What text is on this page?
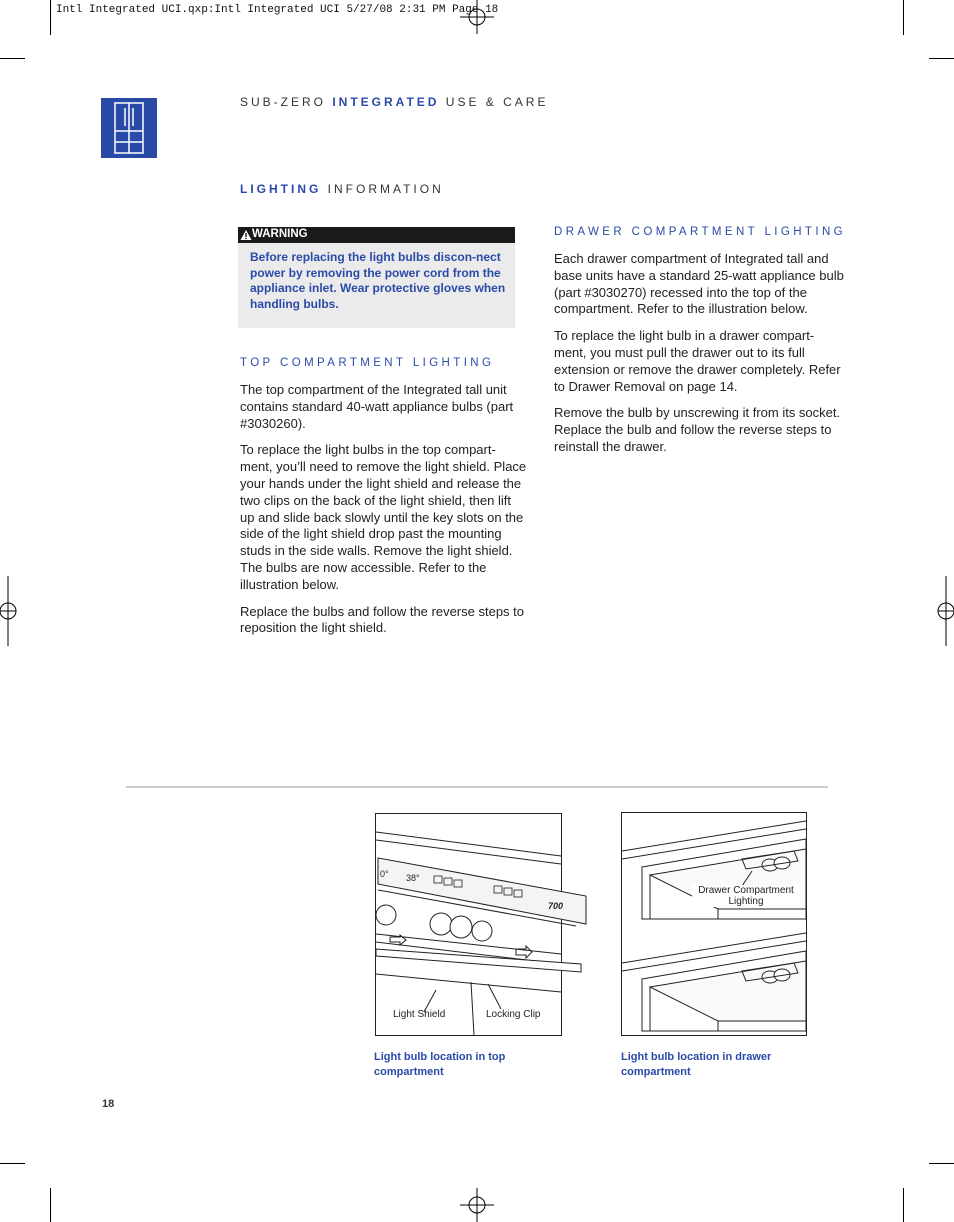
Intl Integrated UCI.qxp:Intl Integrated UCI 5/27/08 2:31 PM Page 18
SUB-ZERO INTEGRATED USE & CARE
LIGHTING INFORMATION
WARNING
Before replacing the light bulbs discon-nect power by removing the power cord from the appliance inlet. Wear protective gloves when handling bulbs.
TOP COMPARTMENT LIGHTING

The top compartment of the Integrated tall unit contains standard 40-watt appliance bulbs (part #3030260).

To replace the light bulbs in the top compart-ment, you’ll need to remove the light shield. Place your hands under the light shield and release the two clips on the back of the light shield, then lift up and slide back slowly until the key slots on the side of the light shield drop past the mounting studs in the side walls. Remove the light shield. The bulbs are now accessible. Refer to the illustration below.

Replace the bulbs and follow the reverse steps to reposition the light shield.

DRAWER COMPARTMENT LIGHTING

Each drawer compartment of Integrated tall and base units have a standard 25-watt appliance bulb (part #3030270) recessed into the top of the compartment. Refer to the illustration below.

To replace the light bulb in a drawer compart-ment, you must pull the drawer out to its full extension or remove the drawer completely. Refer to Drawer Removal on page 14.

Remove the bulb by unscrewing it from its socket. Replace the bulb and follow the reverse steps to reinstall the drawer.

0° 38°
700
Light Shield	Locking Clip
Drawer Compartment Lighting
Light bulb location in top compartment
Light bulb location in drawer compartment
18
